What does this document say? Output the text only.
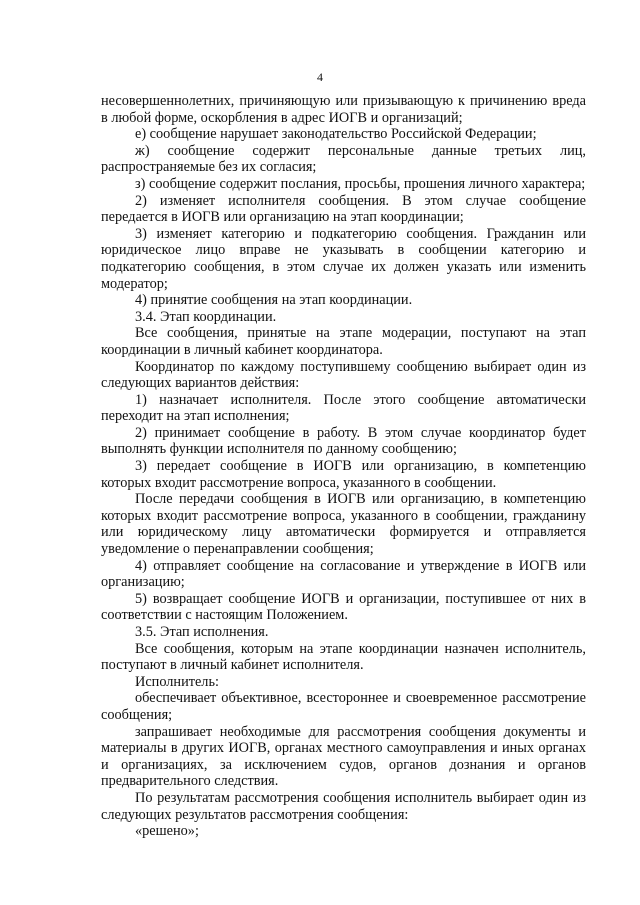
4

несовершеннолетних, причиняющую или призывающую к причинению вреда в любой форме, оскорбления в адрес ИОГВ и организаций;

е) сообщение нарушает законодательство Российской Федерации;

ж) сообщение содержит персональные данные третьих лиц, распространяемые без их согласия;

з) сообщение содержит послания, просьбы, прошения личного характера;

2) изменяет исполнителя сообщения. В этом случае сообщение передается в ИОГВ или организацию на этап координации;

3) изменяет категорию и подкатегорию сообщения. Гражданин или юридическое лицо вправе не указывать в сообщении категорию и подкатегорию сообщения, в этом случае их должен указать или изменить модератор;

4) принятие сообщения на этап координации.

3.4. Этап координации.

Все сообщения, принятые на этапе модерации, поступают на этап координации в личный кабинет координатора.

Координатор по каждому поступившему сообщению выбирает один из следующих вариантов действия:

1) назначает исполнителя. После этого сообщение автоматически переходит на этап исполнения;

2) принимает сообщение в работу. В этом случае координатор будет выполнять функции исполнителя по данному сообщению;

3) передает сообщение в ИОГВ или организацию, в компетенцию которых входит рассмотрение вопроса, указанного в сообщении.

После передачи сообщения в ИОГВ или организацию, в компетенцию которых входит рассмотрение вопроса, указанного в сообщении, гражданину или юридическому лицу автоматически формируется и отправляется уведомление о перенаправлении сообщения;

4) отправляет сообщение на согласование и утверждение в ИОГВ или организацию;

5) возвращает сообщение ИОГВ и организации, поступившее от них в соответствии с настоящим Положением.

3.5. Этап исполнения.

Все сообщения, которым на этапе координации назначен исполнитель, поступают в личный кабинет исполнителя.

Исполнитель:

обеспечивает объективное, всестороннее и своевременное рассмотрение сообщения;

запрашивает необходимые для рассмотрения сообщения документы и материалы в других ИОГВ, органах местного самоуправления и иных органах и организациях, за исключением судов, органов дознания и органов предварительного следствия.

По результатам рассмотрения сообщения исполнитель выбирает один из следующих результатов рассмотрения сообщения:

«решено»;
